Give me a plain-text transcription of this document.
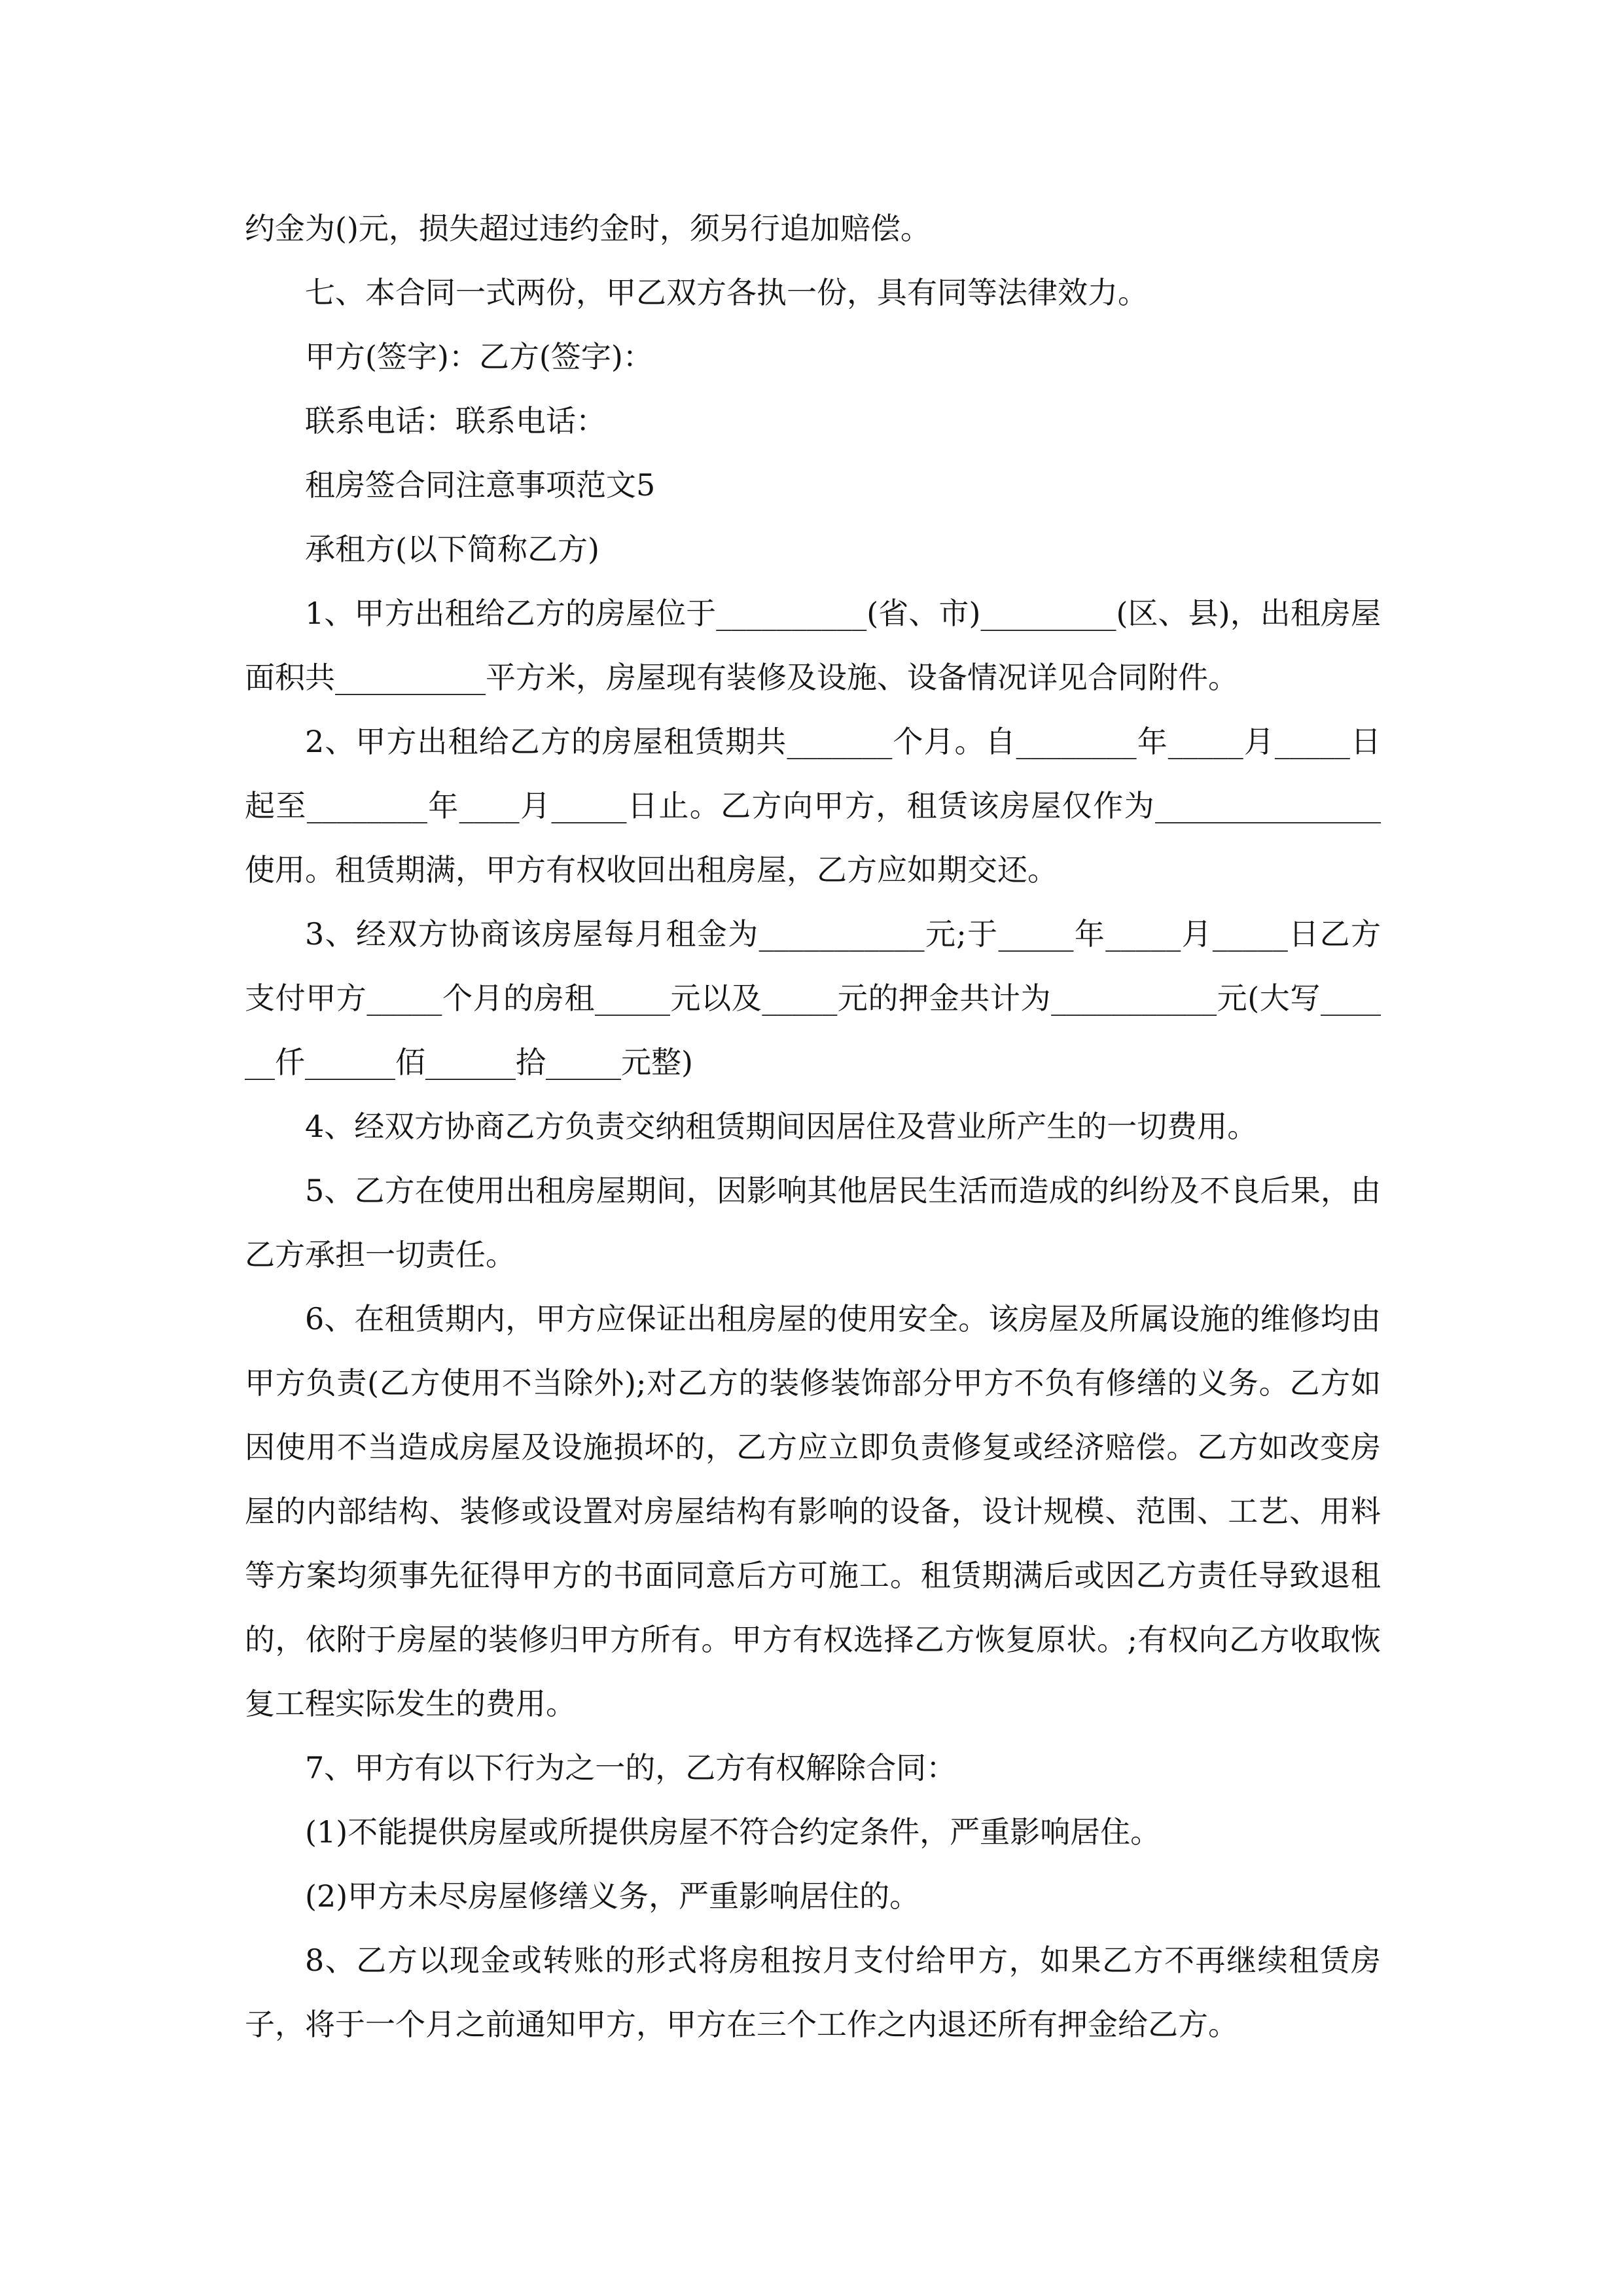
约金为()元，损失超过违约金时，须另行追加赔偿。

七、本合同一式两份，甲乙双方各执一份，具有同等法律效力。

甲方(签字)：乙方(签字)：

联系电话：联系电话：

租房签合同注意事项范文5

承租方(以下简称乙方)

1、甲方出租给乙方的房屋位于__________(省、市)_________(区、县)，出租房屋面积共__________平方米，房屋现有装修及设施、设备情况详见合同附件。

2、甲方出租给乙方的房屋租赁期共_______个月。自________年_____月_____日起至________年____月_____日止。乙方向甲方，租赁该房屋仅作为_______________使用。租赁期满，甲方有权收回出租房屋，乙方应如期交还。

3、经双方协商该房屋每月租金为___________元;于_____年_____月_____日乙方支付甲方_____个月的房租_____元以及_____元的押金共计为___________元(大写______仟______佰______拾_____元整)

4、经双方协商乙方负责交纳租赁期间因居住及营业所产生的一切费用。

5、乙方在使用出租房屋期间，因影响其他居民生活而造成的纠纷及不良后果，由乙方承担一切责任。

6、在租赁期内，甲方应保证出租房屋的使用安全。该房屋及所属设施的维修均由甲方负责(乙方使用不当除外);对乙方的装修装饰部分甲方不负有修缮的义务。乙方如因使用不当造成房屋及设施损坏的，乙方应立即负责修复或经济赔偿。乙方如改变房屋的内部结构、装修或设置对房屋结构有影响的设备，设计规模、范围、工艺、用料等方案均须事先征得甲方的书面同意后方可施工。租赁期满后或因乙方责任导致退租的，依附于房屋的装修归甲方所有。甲方有权选择乙方恢复原状。;有权向乙方收取恢复工程实际发生的费用。

7、甲方有以下行为之一的，乙方有权解除合同：

(1)不能提供房屋或所提供房屋不符合约定条件，严重影响居住。

(2)甲方未尽房屋修缮义务，严重影响居住的。

8、乙方以现金或转账的形式将房租按月支付给甲方，如果乙方不再继续租赁房子，将于一个月之前通知甲方，甲方在三个工作之内退还所有押金给乙方。
